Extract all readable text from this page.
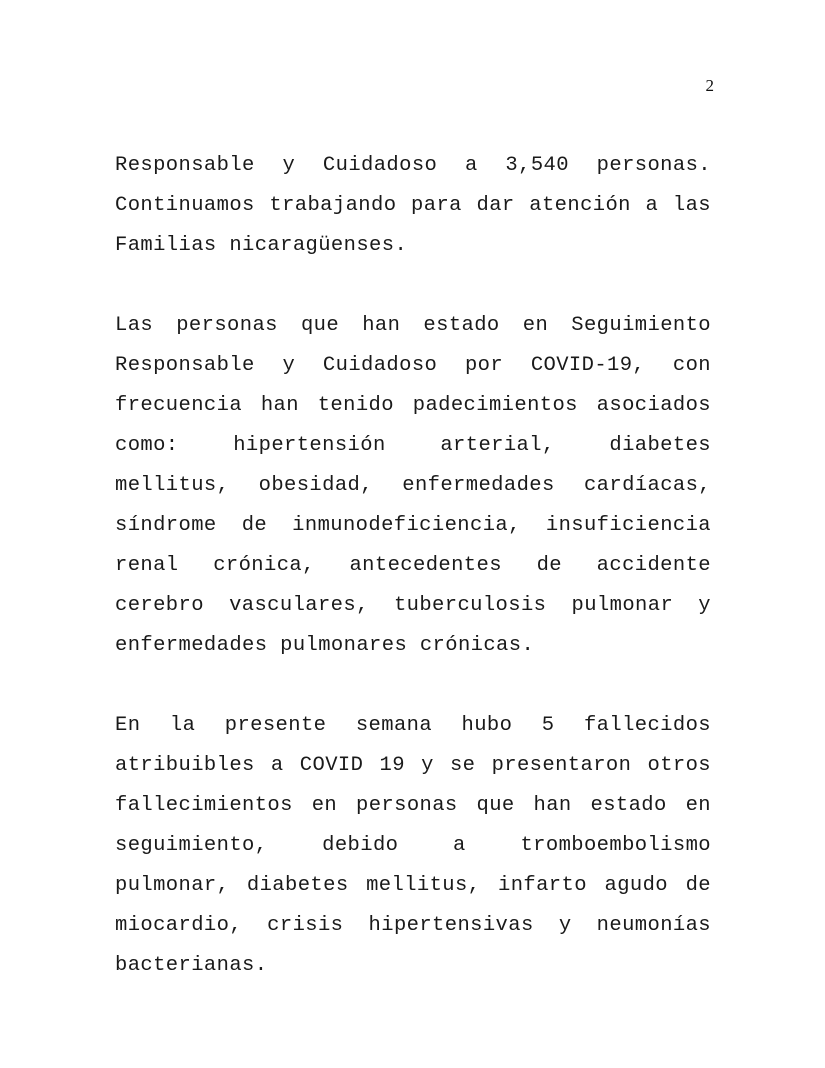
2

Responsable y Cuidadoso a 3,540 personas. Continuamos trabajando para dar atención a las Familias nicaragüenses.

Las personas que han estado en Seguimiento Responsable y Cuidadoso por COVID-19, con frecuencia han tenido padecimientos asociados como: hipertensión arterial, diabetes mellitus, obesidad, enfermedades cardíacas, síndrome de inmunodeficiencia, insuficiencia renal crónica, antecedentes de accidente cerebro vasculares, tuberculosis pulmonar y enfermedades pulmonares crónicas.

En la presente semana hubo 5 fallecidos atribuibles a COVID 19 y se presentaron otros fallecimientos en personas que han estado en seguimiento, debido a tromboembolismo pulmonar, diabetes mellitus, infarto agudo de miocardio, crisis hipertensivas y neumonías bacterianas.
